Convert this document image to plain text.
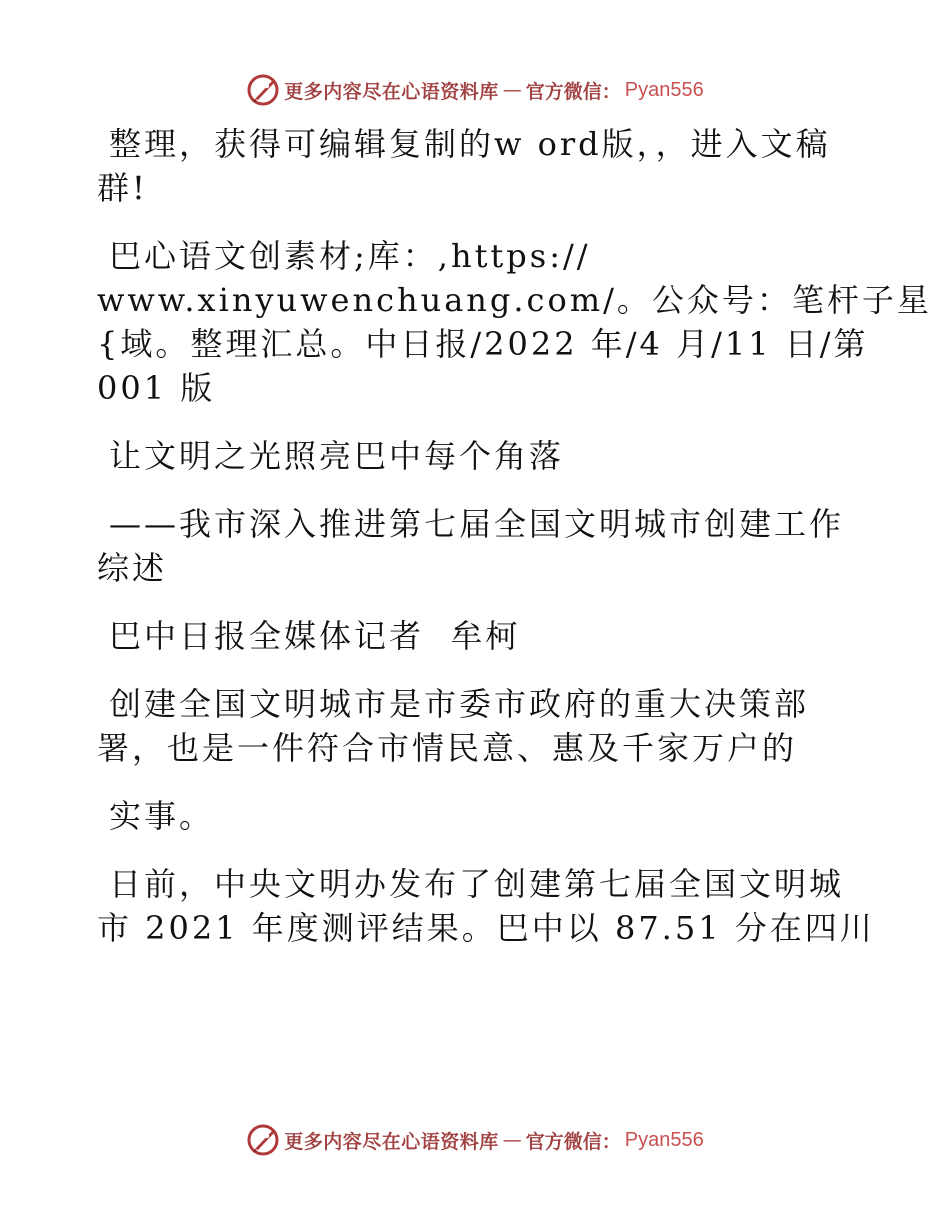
更多内容尽在心语资料库 — 官方微信： Pyan556
整理，获得可编辑复制的w ord版，，进入文稿
群!
巴心语文创素材;库：,https://
www.xinyuwenchuang.com/。公众号：笔杆子星
{域。整理汇总。中日报/2022 年/4 月/11 日/第
001 版
让文明之光照亮巴中每个角落
——我市深入推进第七届全国文明城市创建工作
综述
巴中日报全媒体记者  牟柯
创建全国文明城市是市委市政府的重大决策部
署，也是一件符合市情民意、惠及千家万户的
实事。
日前，中央文明办发布了创建第七届全国文明城
市 2021 年度测评结果。巴中以 87.51 分在四川
更多内容尽在心语资料库 — 官方微信： Pyan556
